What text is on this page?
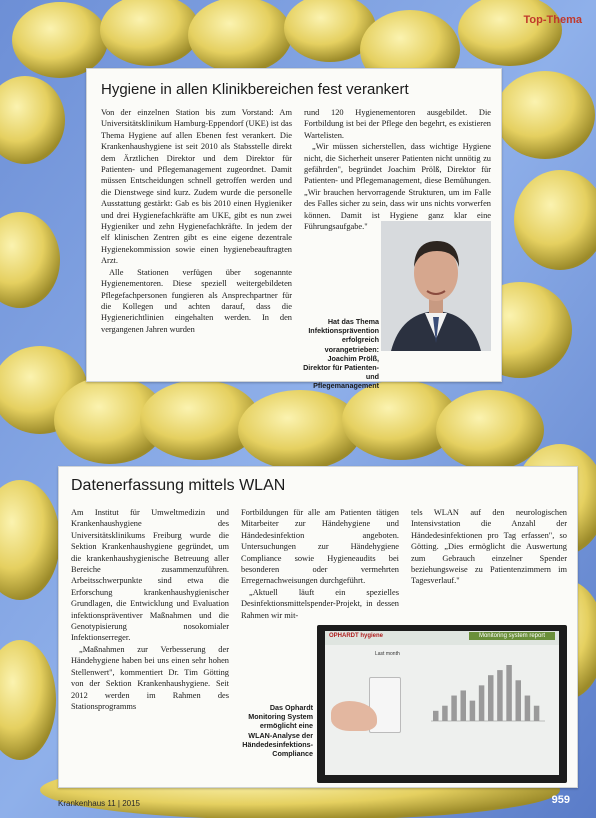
Top-Thema
Hygiene in allen Klinikbereichen fest verankert

Von der einzelnen Station bis zum Vorstand: Am Universitätsklinikum Hamburg-Eppendorf (UKE) ist das Thema Hygiene auf allen Ebenen fest verankert. Die Krankenhaushygiene ist seit 2010 als Stabsstelle direkt dem Ärztlichen Direktor und dem Direktor für Patienten- und Pflegemanagement zugeordnet. Damit müssen Entscheidungen schnell getroffen werden und die Dienstwege sind kurz. Zudem wurde die personelle Ausstattung gestärkt: Gab es bis 2010 einen Hygieniker und drei Hygienefachkräfte am UKE, gibt es nun zwei Hygieniker und zehn Hygienefachkräfte. In jedem der elf klinischen Zentren gibt es eine eigene dezentrale Hygienekommission sowie einen hygienebeauftragten Arzt.

Alle Stationen verfügen über sogenannte Hygienementoren. Diese speziell weitergebildeten Pflegefachpersonen fungieren als Ansprechpartner für die Kollegen und achten darauf, dass die Hygienerichtlinien eingehalten werden. In den vergangenen Jahren wurden

rund 120 Hygienementoren ausgebildet. Die Fortbildung ist bei der Pflege den begehrt, es existieren Wartelisten.

„Wir müssen sicherstellen, dass wichtige Hygiene nicht, die Sicherheit unserer Patienten nicht unnötig zu gefährden", begründet Joachim Prölß, Direktor für Patienten- und Pflegemanagement, diese Bemühungen. „Wir brauchen hervorragende Strukturen, um im Falle des Falles sicher zu sein, dass wir uns nichts vorwerfen können. Damit ist Hygiene ganz klar eine Führungsaufgabe."

Hat das Thema Infektionsprävention erfolgreich vorangetrieben: Joachim Prölß, Direktor für Patienten- und Pflegemanagement
Datenerfassung mittels WLAN

Am Institut für Umweltmedizin und Krankenhaushygiene des Universitätsklinikums Freiburg wurde die Sektion Krankenhaushygiene gegründet, um die krankenhaushygienische Betreuung aller Bereiche zusammenzuführen. Arbeitsschwerpunkte sind etwa die Erforschung krankenhaushygienischer Grundlagen, die Entwicklung und Evaluation infektionspräventiver Maßnahmen und die Genotypisierung nosokomialer Infektionserreger.

„Maßnahmen zur Verbesserung der Händehygiene haben bei uns einen sehr hohen Stellenwert", kommentiert Dr. Tim Götting von der Sektion Krankenhaushygiene. Seit 2012 werden im Rahmen des Stationsprogramms

Fortbildungen für alle am Patienten tätigen Mitarbeiter zur Händehygiene und Händedesinfektion angeboten. Untersuchungen zur Händehygiene Compliance sowie Hygieneaudits bei besonderen oder vermehrten Erregernachweisungen durchgeführt.

„Aktuell läuft ein spezielles Desinfektionsmittelspender-Projekt, in dessen Rahmen wir mit-

tels WLAN auf den neurologischen Intensivstation die Anzahl der Händedesinfektionen pro Tag erfassen", so Götting. „Dies ermöglicht die Auswertung zum Gebrauch einzelner Spender beziehungsweise zu Patientenzimmern im Tagesverlauf."

OPHARDT hygiene	Monitoring system report
Last month
Das Ophardt Monitoring System ermöglicht eine WLAN-Analyse der Händedesinfektions-Compliance
Krankenhaus 11 | 2015	959
